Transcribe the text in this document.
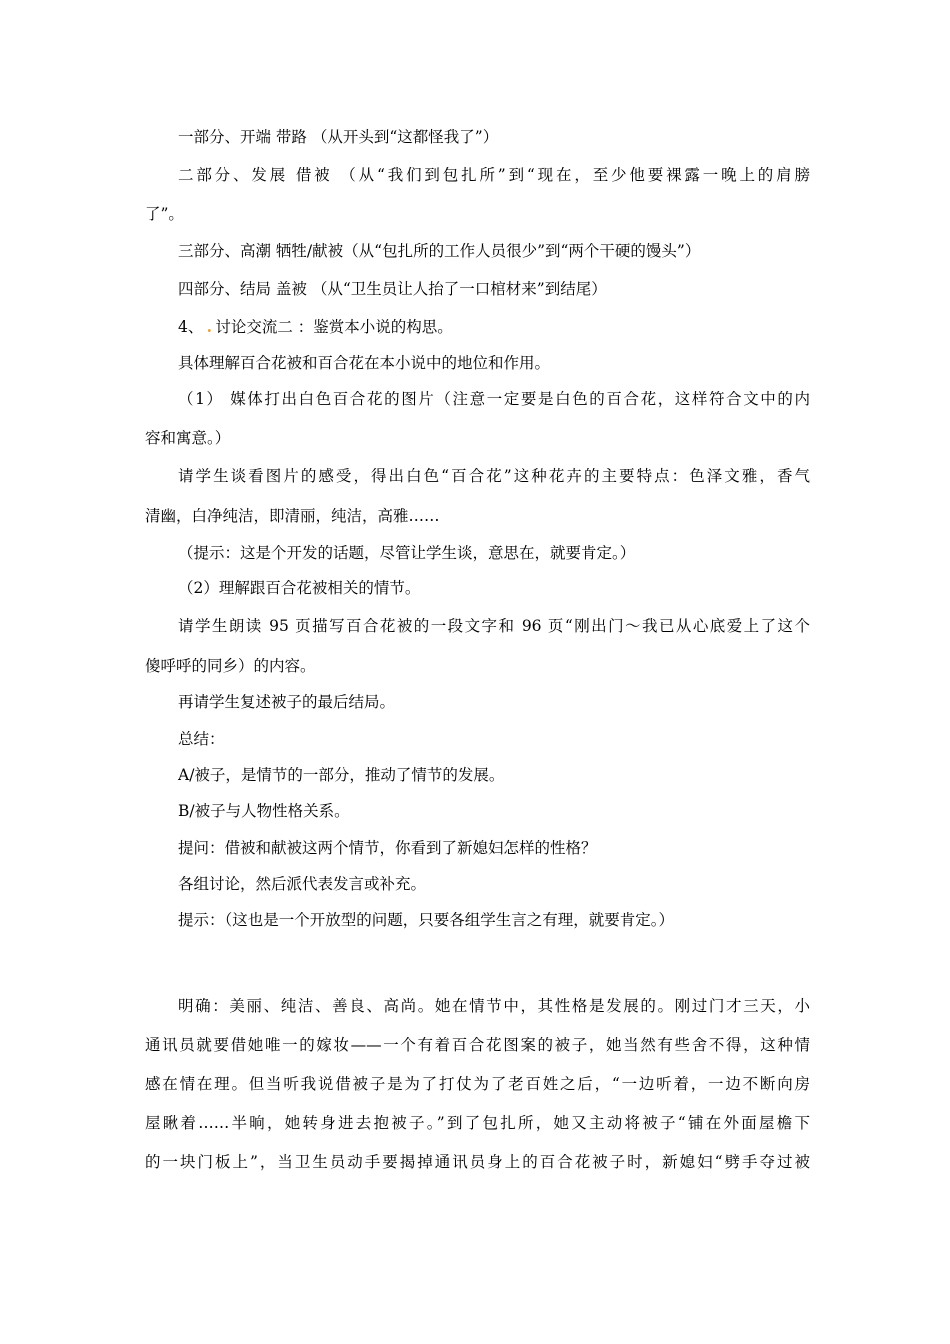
一部分、开端 带路 （从开头到“这都怪我了”）
二部分、发展 借被 （从“我们到包扎所”到“现在，至少他要裸露一晚上的肩膀
了”。
三部分、高潮 牺牲/献被（从“包扎所的工作人员很少”到“两个干硬的馒头”）
四部分、结局 盖被 （从“卫生员让人抬了一口棺材来”到结尾）
4、 . 讨论交流二 ：鉴赏本小说的构思。
具体理解百合花被和百合花在本小说中的地位和作用。
（1） 媒体打出白色百合花的图片（注意一定要是白色的百合花，这样符合文中的内
容和寓意。）
请学生谈看图片的感受，得出白色“百合花”这种花卉的主要特点：色泽文雅，香气
清幽，白净纯洁，即清丽，纯洁，高雅……
（提示：这是个开发的话题，尽管让学生谈，意思在，就要肯定。）
（2）理解跟百合花被相关的情节。
请学生朗读 95 页描写百合花被的一段文字和 96 页“刚出门～我已从心底爱上了这个
傻呼呼的同乡）的内容。
再请学生复述被子的最后结局。
总结：
A/被子，是情节的一部分，推动了情节的发展。
B/被子与人物性格关系。
提问：借被和献被这两个情节，你看到了新媳妇怎样的性格？
各组讨论，然后派代表发言或补充。
提示：（这也是一个开放型的问题，只要各组学生言之有理，就要肯定。）
明确：美丽、纯洁、善良、高尚。她在情节中，其性格是发展的。刚过门才三天，小
通讯员就要借她唯一的嫁妆——一个有着百合花图案的被子，她当然有些舍不得，这种情
感在情在理。但当听我说借被子是为了打仗为了老百姓之后，“一边听着，一边不断向房
屋瞅着……半晌，她转身进去抱被子。”到了包扎所，她又主动将被子“铺在外面屋檐下
的一块门板上”，当卫生员动手要揭掉通讯员身上的百合花被子时，新媳妇“劈手夺过被
